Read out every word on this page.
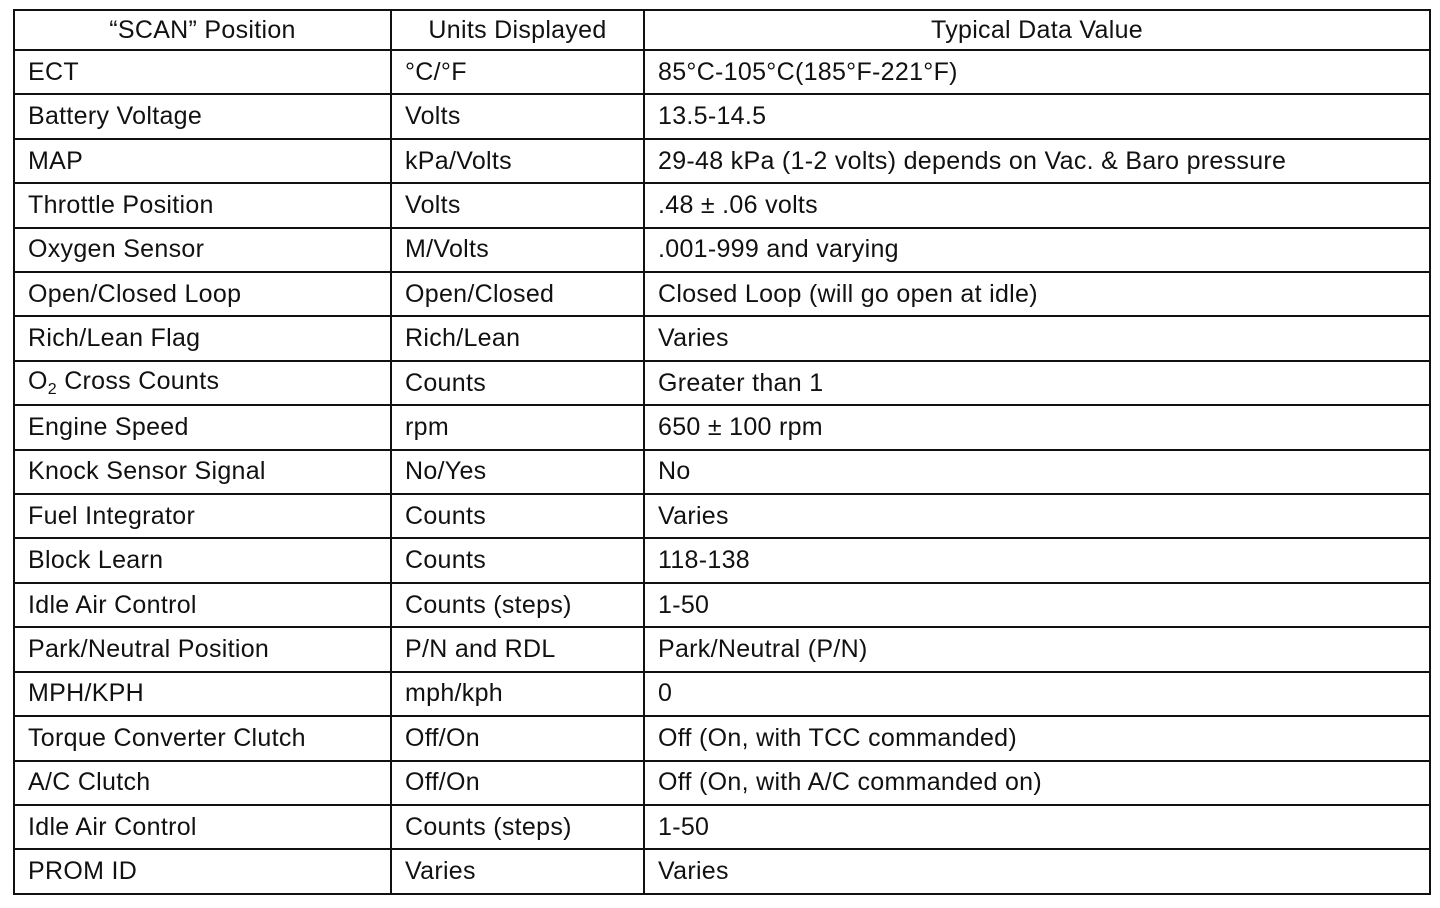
“SCAN” Position	Units Displayed	Typical Data Value
ECT	°C/°F	85°C-105°C(185°F-221°F)
Battery Voltage	Volts	13.5-14.5
MAP	kPa/Volts	29-48 kPa (1-2 volts) depends on Vac. & Baro pressure
Throttle Position	Volts	.48 ± .06 volts
Oxygen Sensor	M/Volts	.001-999 and varying
Open/Closed Loop	Open/Closed	Closed Loop (will go open at idle)
Rich/Lean Flag	Rich/Lean	Varies
$O_2$ Cross Counts	Counts	Greater than 1
Engine Speed	rpm	650 ± 100 rpm
Knock Sensor Signal	No/Yes	No
Fuel Integrator	Counts	Varies
Block Learn	Counts	118-138
Idle Air Control	Counts (steps)	1-50
Park/Neutral Position	P/N and RDL	Park/Neutral (P/N)
MPH/KPH	mph/kph	0
Torque Converter Clutch	Off/On	Off (On, with TCC commanded)
A/C Clutch	Off/On	Off (On, with A/C commanded on)
Idle Air Control	Counts (steps)	1-50
PROM ID	Varies	Varies
